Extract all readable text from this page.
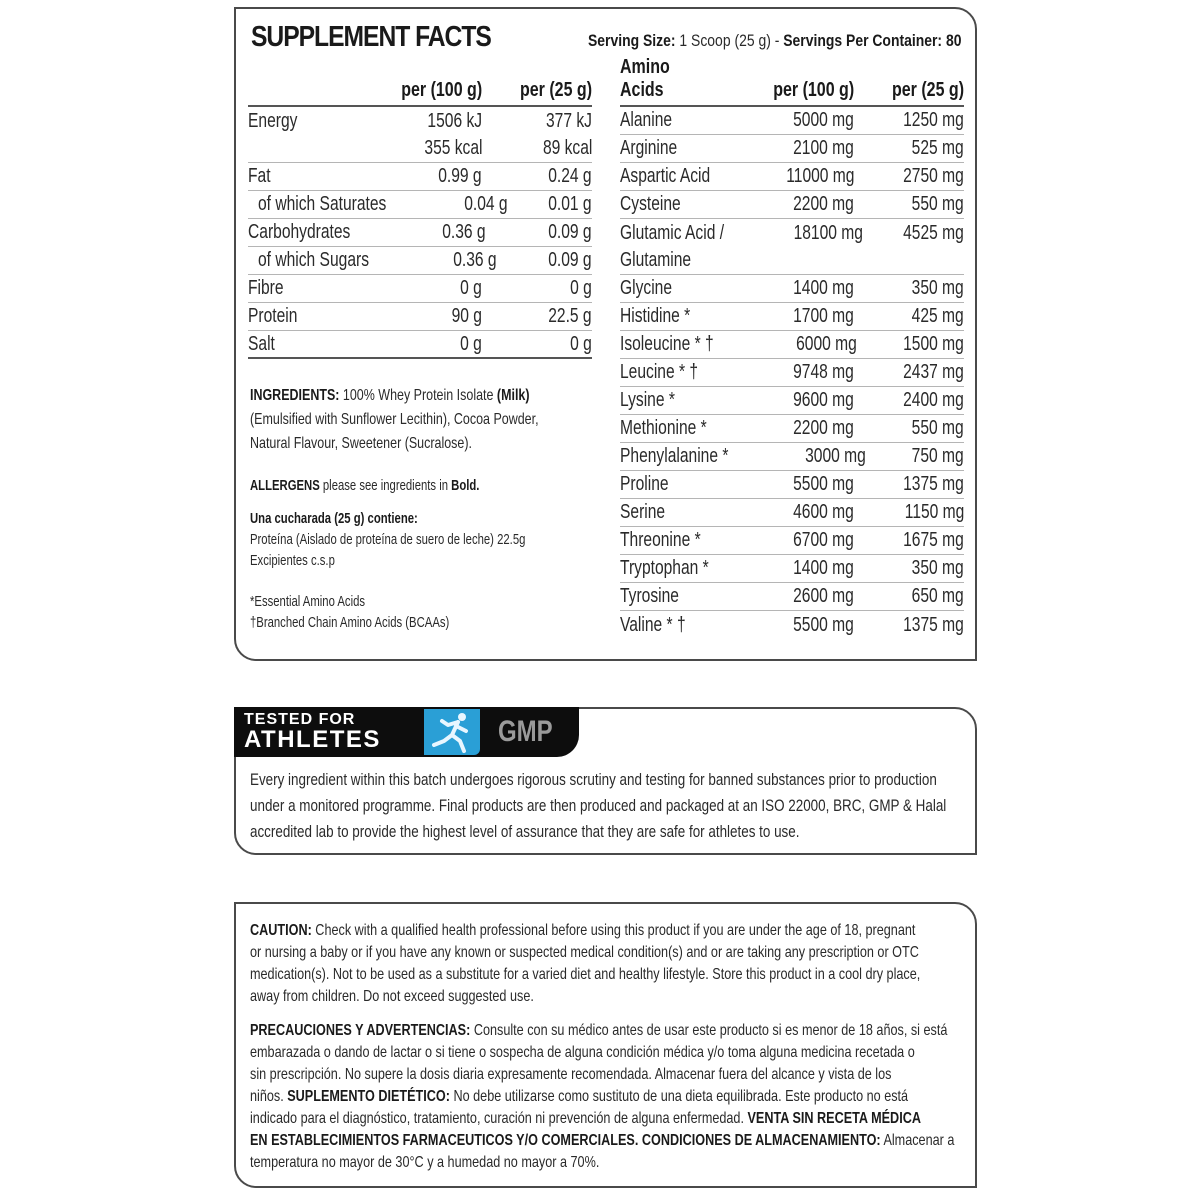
SUPPLEMENT FACTS	Serving Size: 1 Scoop (25 g) - Servings Per Container: 80
per (100 g)	per (25 g)
Energy	1506 kJ	377 kJ
355 kcal	89 kcal
Fat	0.99 g	0.24 g
of which Saturates	0.04 g	0.01 g
Carbohydrates	0.36 g	0.09 g
of which Sugars	0.36 g	0.09 g
Fibre	0 g	0 g
Protein	90 g	22.5 g
Salt	0 g	0 g

INGREDIENTS: 100% Whey Protein Isolate (Milk)

(Emulsified with Sunflower Lecithin), Cocoa Powder,

Natural Flavour, Sweetener (Sucralose).

ALLERGENS please see ingredients in Bold.

Una cucharada (25 g) contiene:

Proteína (Aislado de proteína de suero de leche) 22.5g

Excipientes c.s.p

*Essential Amino Acids

†Branched Chain Amino Acids (BCAAs)

Amino Acids	per (100 g)	per (25 g)
Alanine	5000 mg	1250 mg
Arginine	2100 mg	525 mg
Aspartic Acid	11000 mg	2750 mg
Cysteine	2200 mg	550 mg
Glutamic Acid /	18100 mg	4525 mg
Glutamine
Glycine	1400 mg	350 mg
Histidine *	1700 mg	425 mg
Isoleucine * †	6000 mg	1500 mg
Leucine * †	9748 mg	2437 mg
Lysine *	9600 mg	2400 mg
Methionine *	2200 mg	550 mg
Phenylalanine *	3000 mg	750 mg
Proline	5500 mg	1375 mg
Serine	4600 mg	1150 mg
Threonine *	6700 mg	1675 mg
Tryptophan *	1400 mg	350 mg
Tyrosine	2600 mg	650 mg
Valine * †	5500 mg	1375 mg
TESTED FOR
ATHLETES	GMP

Every ingredient within this batch undergoes rigorous scrutiny and testing for banned substances prior to production

under a monitored programme. Final products are then produced and packaged at an ISO 22000, BRC, GMP & Halal

accredited lab to provide the highest level of assurance that they are safe for athletes to use.

CAUTION: Check with a qualified health professional before using this product if you are under the age of 18, pregnant

or nursing a baby or if you have any known or suspected medical condition(s) and or are taking any prescription or OTC

medication(s). Not to be used as a substitute for a varied diet and healthy lifestyle. Store this product in a cool dry place,

away from children. Do not exceed suggested use.

PRECAUCIONES Y ADVERTENCIAS: Consulte con su médico antes de usar este producto si es menor de 18 años, si está

embarazada o dando de lactar o si tiene o sospecha de alguna condición médica y/o toma alguna medicina recetada o

sin prescripción. No supere la dosis diaria expresamente recomendada. Almacenar fuera del alcance y vista de los

niños. SUPLEMENTO DIETÉTICO: No debe utilizarse como sustituto de una dieta equilibrada. Este producto no está

indicado para el diagnóstico, tratamiento, curación ni prevención de alguna enfermedad. VENTA SIN RECETA MÉDICA

EN ESTABLECIMIENTOS FARMACEUTICOS Y/O COMERCIALES. CONDICIONES DE ALMACENAMIENTO: Almacenar a

temperatura no mayor de 30°C y a humedad no mayor a 70%.
